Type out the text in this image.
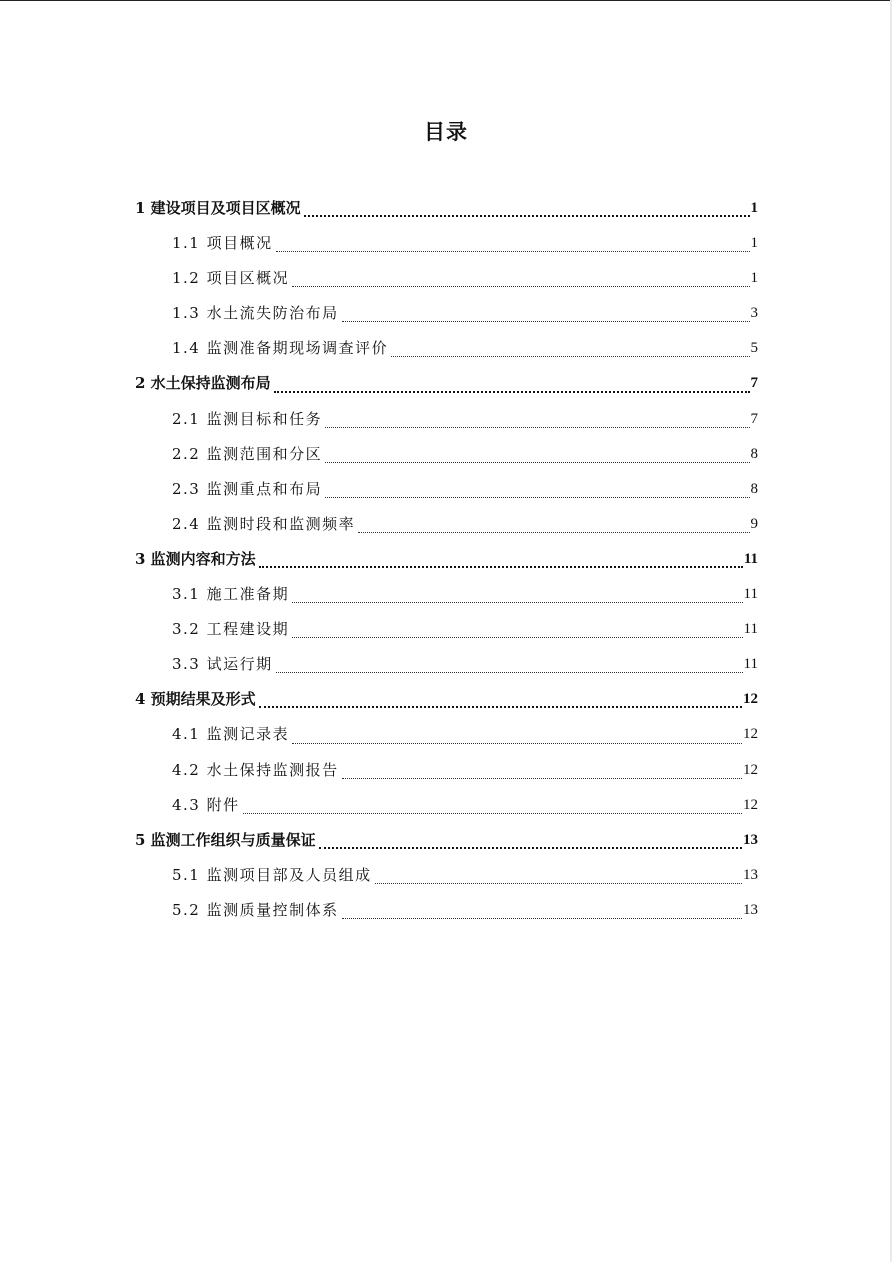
目录
1 建设项目及项目区概况	1
1.1 项目概况	1
1.2 项目区概况	1
1.3 水土流失防治布局	3
1.4 监测准备期现场调查评价	5
2 水土保持监测布局	7
2.1 监测目标和任务	7
2.2 监测范围和分区	8
2.3 监测重点和布局	8
2.4 监测时段和监测频率	9
3 监测内容和方法	11
3.1 施工准备期	11
3.2 工程建设期	11
3.3 试运行期	11
4 预期结果及形式	12
4.1 监测记录表	12
4.2 水土保持监测报告	12
4.3 附件	12
5 监测工作组织与质量保证	13
5.1 监测项目部及人员组成	13
5.2 监测质量控制体系	13
